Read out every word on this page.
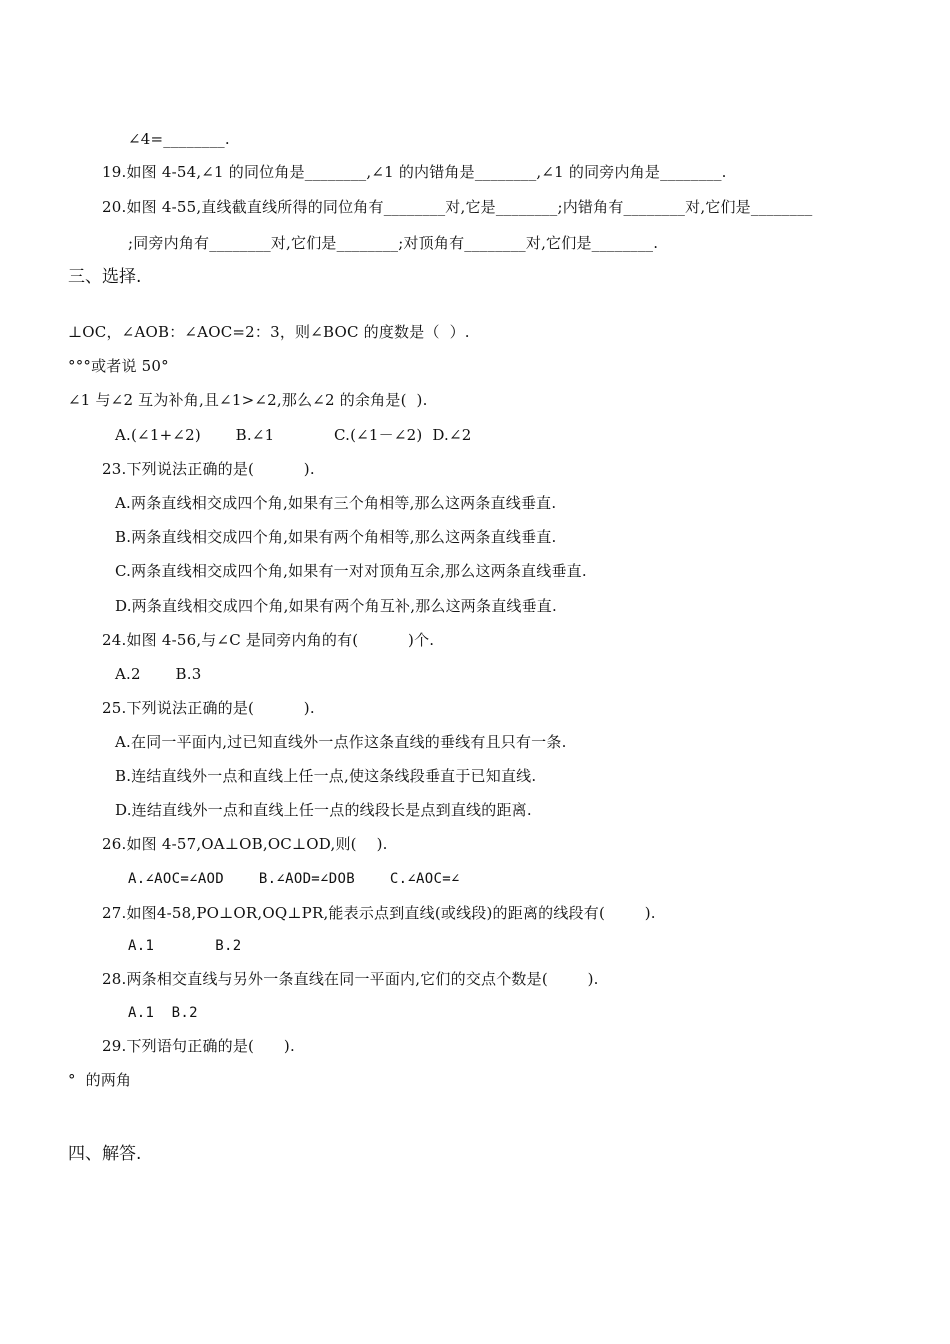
∠4=________.
19.如图 4-54,∠1 的同位角是________,∠1 的内错角是________,∠1 的同旁内角是________.
20.如图 4-55,直线截直线所得的同位角有________对,它是________;内错角有________对,它们是________
;同旁内角有________对,它们是________;对顶角有________对,它们是________.
三、选择.
⊥OC，∠AOB：∠AOC=2：3，则∠BOC 的度数是（  ）.
°°°或者说 50°
∠1 与∠2 互为补角,且∠1>∠2,那么∠2 的余角是(  ).
A.(∠1+∠2)       B.∠1            C.(∠1－∠2)  D.∠2
23.下列说法正确的是(          ).
A.两条直线相交成四个角,如果有三个角相等,那么这两条直线垂直.
B.两条直线相交成四个角,如果有两个角相等,那么这两条直线垂直.
C.两条直线相交成四个角,如果有一对对顶角互余,那么这两条直线垂直.
D.两条直线相交成四个角,如果有两个角互补,那么这两条直线垂直.
24.如图 4-56,与∠C 是同旁内角的有(          )个.
A.2       B.3
25.下列说法正确的是(          ).
A.在同一平面内,过已知直线外一点作这条直线的垂线有且只有一条.
B.连结直线外一点和直线上任一点,使这条线段垂直于已知直线.
D.连结直线外一点和直线上任一点的线段长是点到直线的距离.
26.如图 4-57,OA⊥OB,OC⊥OD,则(    ).
A.∠AOC=∠AOD    B.∠AOD=∠DOB    C.∠AOC=∠
27.如图4-58,PO⊥OR,OQ⊥PR,能表示点到直线(或线段)的距离的线段有(        ).
A.1       B.2
28.两条相交直线与另外一条直线在同一平面内,它们的交点个数是(        ).
A.1  B.2
29.下列语句正确的是(      ).
°  的两角
四、解答.
